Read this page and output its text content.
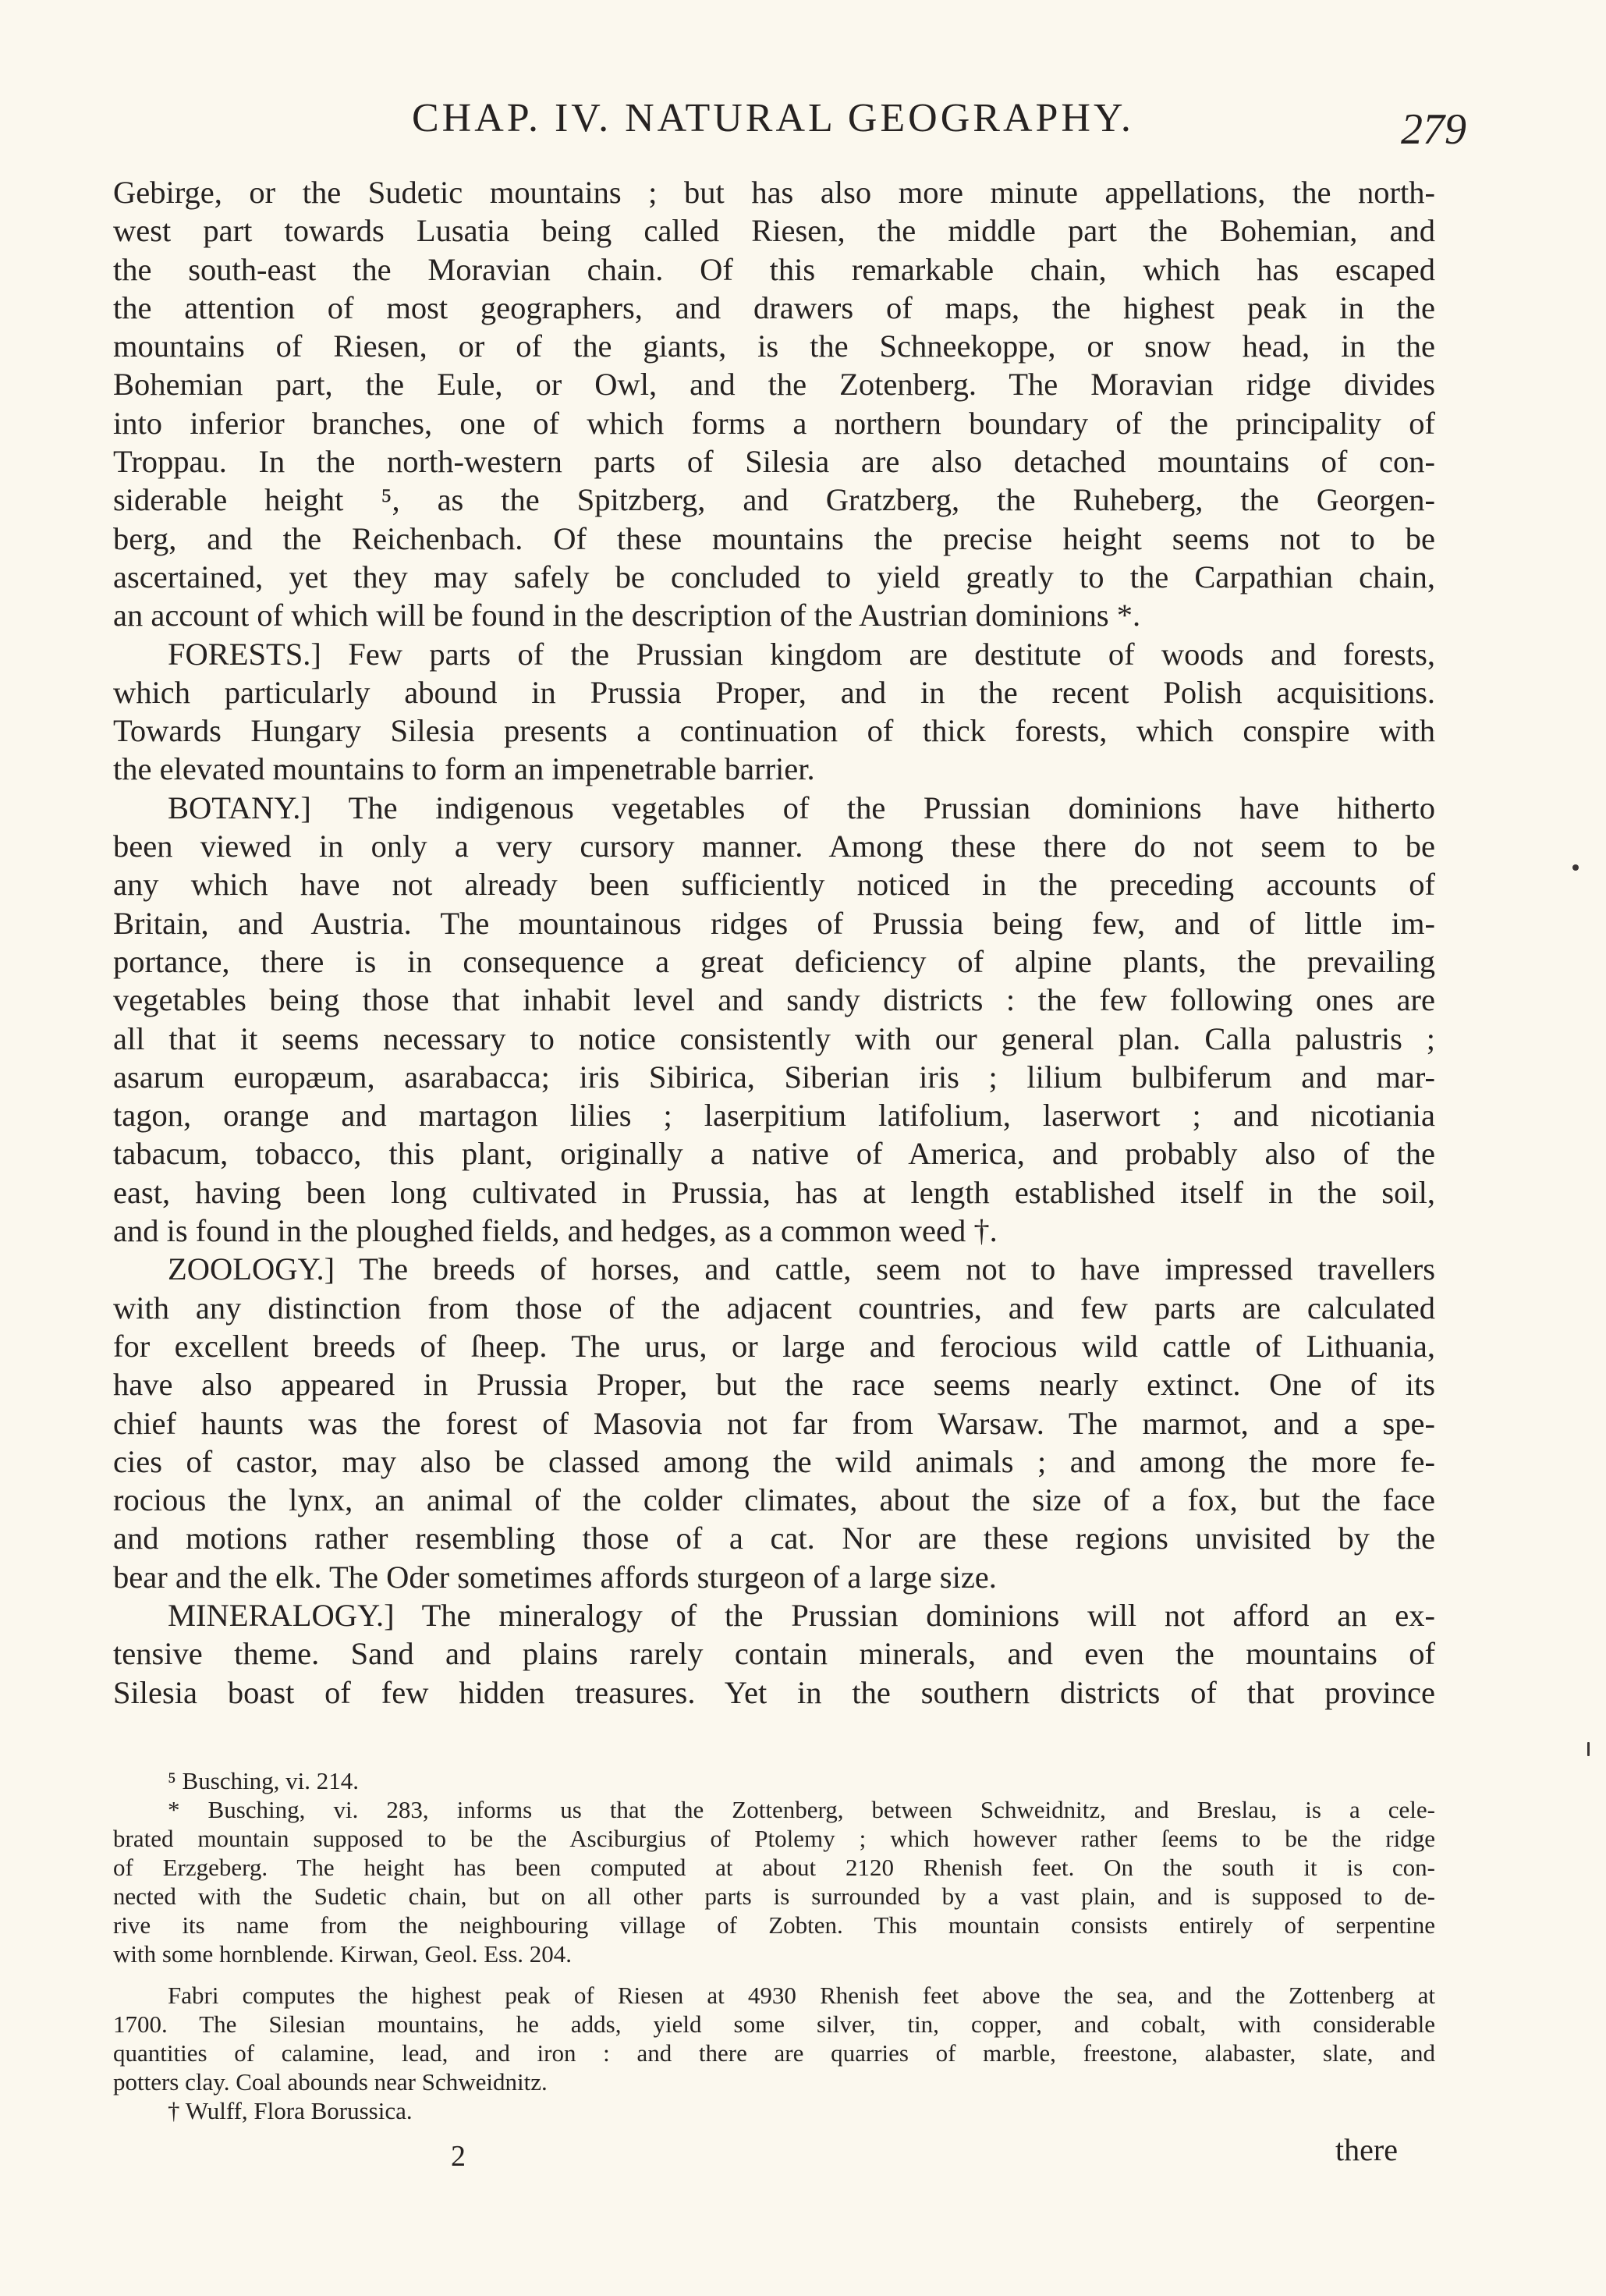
CHAP. IV. NATURAL GEOGRAPHY.	279
Gebirge, or the Sudetic mountains ; but has also more minute appellations, the north-
west part towards Lusatia being called Riesen, the middle part the Bohemian, and
the south-east the Moravian chain. Of this remarkable chain, which has escaped
the attention of most geographers, and drawers of maps, the highest peak in the
mountains of Riesen, or of the giants, is the Schneekoppe, or snow head, in the
Bohemian part, the Eule, or Owl, and the Zotenberg. The Moravian ridge divides
into inferior branches, one of which forms a northern boundary of the principality of
Troppau. In the north-western parts of Silesia are also detached mountains of con-
siderable height ⁵, as the Spitzberg, and Gratzberg, the Ruheberg, the Georgen-
berg, and the Reichenbach. Of these mountains the precise height seems not to be
ascertained, yet they may safely be concluded to yield greatly to the Carpathian chain,
an account of which will be found in the description of the Austrian dominions *.
FORESTS.] Few parts of the Prussian kingdom are destitute of woods and forests,
which particularly abound in Prussia Proper, and in the recent Polish acquisitions.
Towards Hungary Silesia presents a continuation of thick forests, which conspire with
the elevated mountains to form an impenetrable barrier.
BOTANY.] The indigenous vegetables of the Prussian dominions have hitherto
been viewed in only a very cursory manner. Among these there do not seem to be
any which have not already been sufficiently noticed in the preceding accounts of
Britain, and Austria. The mountainous ridges of Prussia being few, and of little im-
portance, there is in consequence a great deficiency of alpine plants, the prevailing
vegetables being those that inhabit level and sandy districts : the few following ones are
all that it seems necessary to notice consistently with our general plan. Calla palustris ;
asarum europæum, asarabacca; iris Sibirica, Siberian iris ; lilium bulbiferum and mar-
tagon, orange and martagon lilies ; laserpitium latifolium, laserwort ; and nicotiania
tabacum, tobacco, this plant, originally a native of America, and probably also of the
east, having been long cultivated in Prussia, has at length established itself in the soil,
and is found in the ploughed fields, and hedges, as a common weed †.
ZOOLOGY.] The breeds of horses, and cattle, seem not to have impressed travellers
with any distinction from those of the adjacent countries, and few parts are calculated
for excellent breeds of ſheep. The urus, or large and ferocious wild cattle of Lithuania,
have also appeared in Prussia Proper, but the race seems nearly extinct. One of its
chief haunts was the forest of Masovia not far from Warsaw. The marmot, and a spe-
cies of castor, may also be classed among the wild animals ; and among the more fe-
rocious the lynx, an animal of the colder climates, about the size of a fox, but the face
and motions rather resembling those of a cat. Nor are these regions unvisited by the
bear and the elk. The Oder sometimes affords sturgeon of a large size.
MINERALOGY.] The mineralogy of the Prussian dominions will not afford an ex-
tensive theme. Sand and plains rarely contain minerals, and even the mountains of
Silesia boast of few hidden treasures. Yet in the southern districts of that province
⁵ Busching, vi. 214.
* Busching, vi. 283, informs us that the Zottenberg, between Schweidnitz, and Breslau, is a cele-
brated mountain supposed to be the Asciburgius of Ptolemy ; which however rather ſeems to be the ridge
of Erzgeberg. The height has been computed at about 2120 Rhenish feet. On the south it is con-
nected with the Sudetic chain, but on all other parts is surrounded by a vast plain, and is supposed to de-
rive its name from the neighbouring village of Zobten. This mountain consists entirely of serpentine
with some hornblende. Kirwan, Geol. Ess. 204.
Fabri computes the highest peak of Riesen at 4930 Rhenish feet above the sea, and the Zottenberg at
1700. The Silesian mountains, he adds, yield some silver, tin, copper, and cobalt, with considerable
quantities of calamine, lead, and iron : and there are quarries of marble, freestone, alabaster, slate, and
potters clay. Coal abounds near Schweidnitz.
† Wulff, Flora Borussica.
2	there
